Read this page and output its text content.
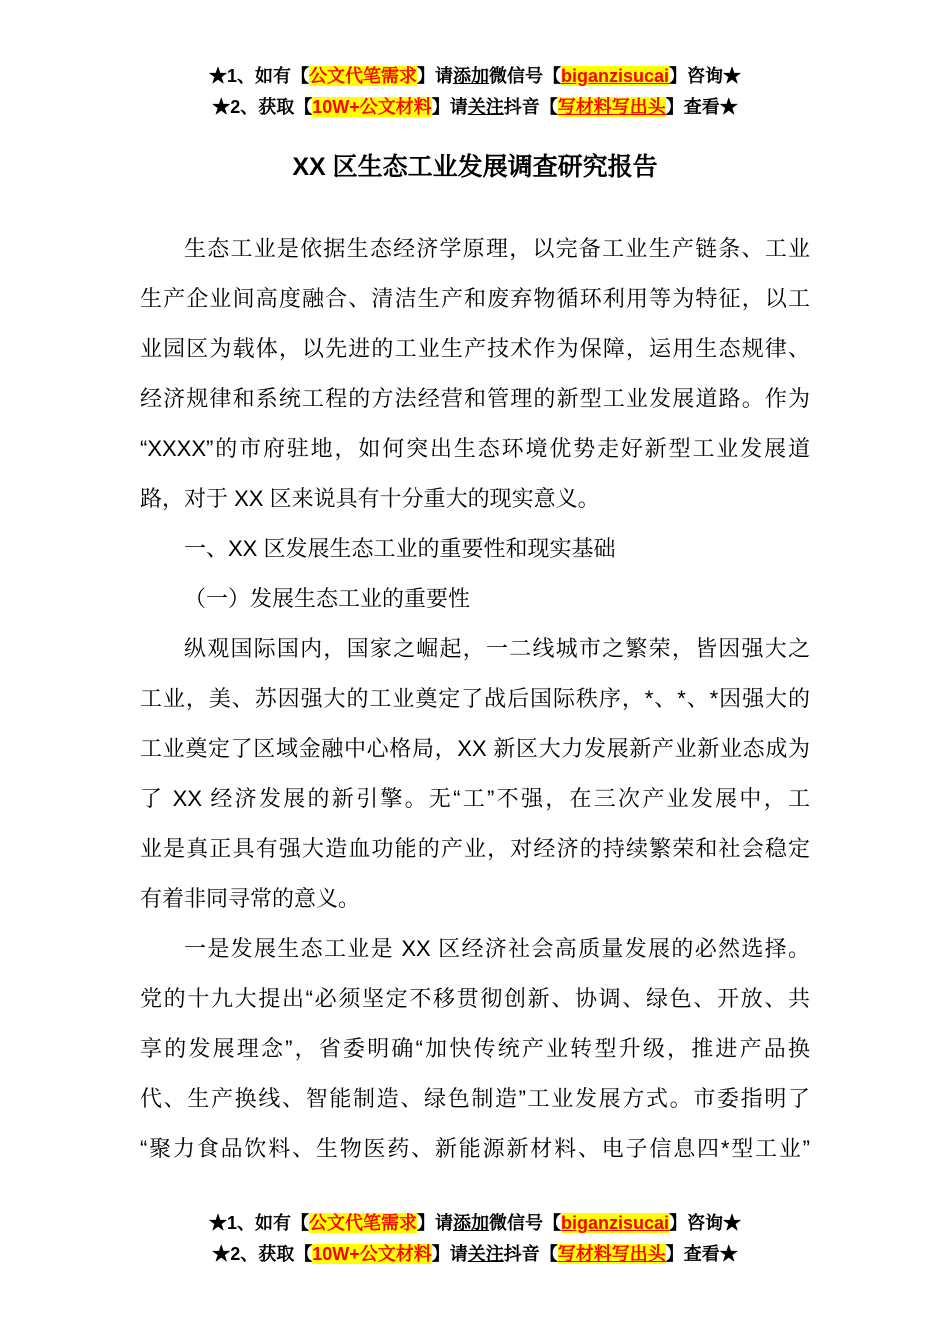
★1、如有【公文代笔需求】请添加微信号【biganzisucai】咨询★
★2、获取【10W+公文材料】请关注抖音【写材料写出头】查看★
XX 区生态工业发展调查研究报告
生态工业是依据生态经济学原理，以完备工业生产链条、工业
生产企业间高度融合、清洁生产和废弃物循环利用等为特征，以工
业园区为载体，以先进的工业生产技术作为保障，运用生态规律、
经济规律和系统工程的方法经营和管理的新型工业发展道路。作为
“XXXX”的市府驻地，如何突出生态环境优势走好新型工业发展道
路，对于 XX 区来说具有十分重大的现实意义。
一、XX 区发展生态工业的重要性和现实基础
（一）发展生态工业的重要性
纵观国际国内，国家之崛起，一二线城市之繁荣，皆因强大之
工业，美、苏因强大的工业奠定了战后国际秩序，*、*、*因强大的
工业奠定了区域金融中心格局，XX 新区大力发展新产业新业态成为
了 XX 经济发展的新引擎。无“工”不强，在三次产业发展中，工
业是真正具有强大造血功能的产业，对经济的持续繁荣和社会稳定
有着非同寻常的意义。
一是发展生态工业是 XX 区经济社会高质量发展的必然选择。
党的十九大提出“必须坚定不移贯彻创新、协调、绿色、开放、共
享的发展理念”，省委明确“加快传统产业转型升级，推进产品换
代、生产换线、智能制造、绿色制造”工业发展方式。市委指明了
“聚力食品饮料、生物医药、新能源新材料、电子信息四*型工业”
★1、如有【公文代笔需求】请添加微信号【biganzisucai】咨询★
★2、获取【10W+公文材料】请关注抖音【写材料写出头】查看★
